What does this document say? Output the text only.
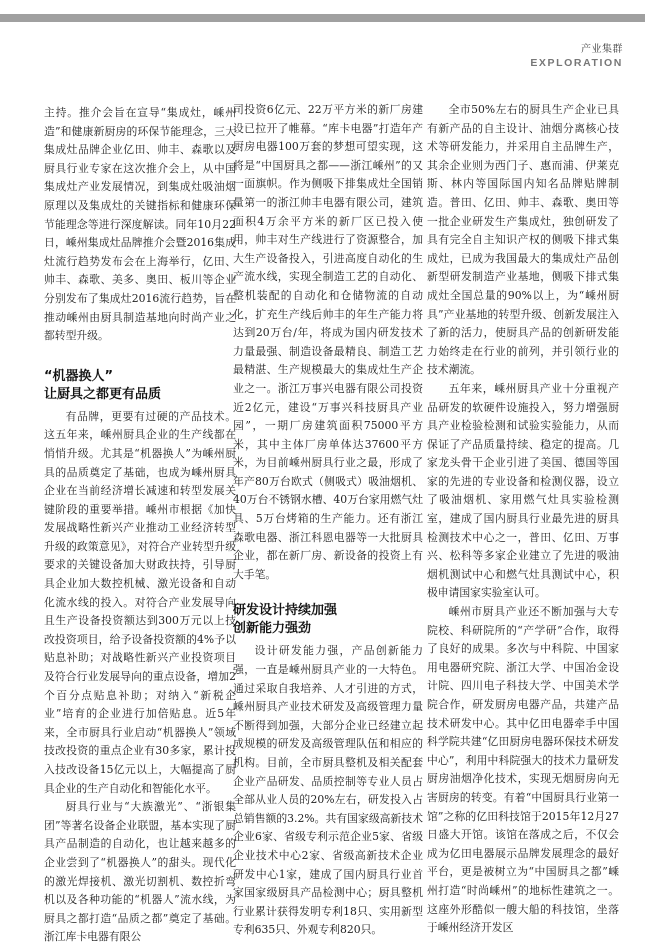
产业集群
EXPLORATION

主持。推介会旨在宣导“集成灶，嵊州造”和健康新厨房的环保节能理念，三大集成灶品牌企业亿田、帅丰、森歌以及厨具行业专家在这次推介会上，从中国集成灶产业发展情况，到集成灶吸油烟原理以及集成灶的关键指标和健康环保节能理念等进行深度解读。同年10月22日，嵊州集成灶品牌推介会暨2016集成灶流行趋势发布会在上海举行，亿田、帅丰、森歌、美多、奥田、板川等企业分别发布了集成灶2016流行趋势，旨在推动嵊州由厨具制造基地向时尚产业之都转型升级。

“机器换人”
让厨具之都更有品质

有品牌，更要有过硬的产品技术。这五年来，嵊州厨具企业的生产线都在悄悄升级。尤其是“机器换人”为嵊州厨具的品质奠定了基础，也成为嵊州厨具企业在当前经济增长减速和转型发展关键阶段的重要举措。嵊州市根据《加快发展战略性新兴产业推动工业经济转型升级的政策意见》，对符合产业转型升级要求的关键设备加大财政扶持，引导厨具企业加大数控机械、激光设备和自动化流水线的投入。对符合产业发展导向且生产设备投资额达到300万元以上技改投资项目，给予设备投资额的4%予以贴息补助；对战略性新兴产业投资项目及符合行业发展导向的重点设备，增加2个百分点贴息补助；对纳入“新税企业”培育的企业进行加倍贴息。近5年来，全市厨具行业启动“机器换人”领域技改投资的重点企业有30多家，累计投入技改设备15亿元以上，大幅提高了厨具企业的生产自动化和智能化水平。

厨具行业与“大族激光”、“浙银集团”等著名设备企业联盟，基本实现了厨具产品制造的自动化，也让越来越多的企业尝到了“机器换人”的甜头。现代化的激光焊接机、激光切割机、数控折弯机以及各种功能的“机器人”流水线，为厨具之都打造“品质之都”奠定了基础。浙江库卡电器有限公

司投资6亿元、22万平方米的新厂房建设已拉开了帷幕。“库卡电器”打造年产厨房电器100万套的梦想可望实现，这将是“中国厨具之都——浙江嵊州”的又一面旗帜。作为侧吸下排集成灶全国销量第一的浙江帅丰电器有限公司，建筑面积4万余平方米的新厂区已投入使用，帅丰对生产线进行了资源整合，加大生产设备投入，引进高度自动化的生产流水线，实现全制造工艺的自动化、整机装配的自动化和仓储物流的自动化，扩充生产线后帅丰的年生产能力将达到20万台/年，将成为国内研发技术力量最强、制造设备最精良、制造工艺最精湛、生产规模最大的集成灶生产企业之一。浙江万事兴电器有限公司投资近2亿元，建设“万事兴科技厨具产业园”，一期厂房建筑面积75000平方米，其中主体厂房单体达37600平方米，为目前嵊州厨具行业之最，形成了年产80万台欧式（侧吸式）吸油烟机、40万台不锈钢水槽、40万台家用燃气灶具、5万台烤箱的生产能力。还有浙江森歌电器、浙江科恩电器等一大批厨具企业，都在新厂房、新设备的投资上有大手笔。

研发设计持续加强
创新能力强劲

设计研发能力强，产品创新能力强，一直是嵊州厨具产业的一大特色。通过采取自我培养、人才引进的方式，嵊州厨具产业技术研发及高级管理力量不断得到加强，大部分企业已经建立起成规模的研发及高级管理队伍和相应的机构。目前，全市厨具整机及相关配套企业产品研发、品质控制等专业人员占全部从业人员的20%左右，研发投入占总销售额的3.2%。共有国家级高新技术企业6家、省级专利示范企业5家、省级企业技术中心2家、省级高新技术企业研发中心1家，建成了国内厨具行业首家国家级厨具产品检测中心；厨具整机行业累计获得发明专利18只、实用新型专利635只、外观专利820只。

全市50%左右的厨具生产企业已具有新产品的自主设计、油烟分离核心技术等研发能力，并采用自主品牌生产，其余企业则为西门子、惠而浦、伊莱克斯、林内等国际国内知名品牌贴牌制造。普田、亿田、帅丰、森歌、奥田等一批企业研发生产集成灶，独创研发了具有完全自主知识产权的侧吸下排式集成灶，已成为我国最大的集成灶产品创新型研发制造产业基地，侧吸下排式集成灶全国总量的90%以上，为“嵊州厨具”产业基地的转型升级、创新发展注入了新的活力，使厨具产品的创新研发能力始终走在行业的前列，并引领行业的技术潮流。

五年来，嵊州厨具产业十分重视产品研发的软硬件设施投入，努力增强厨具产业检验检测和试验实验能力，从而保证了产品质量持续、稳定的提高。几家龙头骨干企业引进了美国、德国等国家的先进的专业设备和检测仪器，设立了吸油烟机、家用燃气灶具实验检测室，建成了国内厨具行业最先进的厨具检测技术中心之一，普田、亿田、万事兴、松科等多家企业建立了先进的吸油烟机测试中心和燃气灶具测试中心，积极申请国家实验室认可。

嵊州市厨具产业还不断加强与大专院校、科研院所的“产学研”合作，取得了良好的成果。多次与中科院、中国家用电器研究院、浙江大学、中国冶金设计院、四川电子科技大学、中国美术学院合作，研发厨房电器产品，共建产品技术研发中心。其中亿田电器牵手中国科学院共建“亿田厨房电器环保技术研发中心”，利用中科院强大的技术力量研发厨房油烟净化技术，实现无烟厨房向无害厨房的转变。有着“中国厨具行业第一馆”之称的亿田科技馆于2015年12月27日盛大开馆。该馆在落成之后，不仅会成为亿田电器展示品牌发展理念的最好平台，更是被树立为“中国厨具之都”嵊州打造“时尚嵊州”的地标性建筑之一。这座外形酷似一艘大船的科技馆，坐落于嵊州经济开发区
